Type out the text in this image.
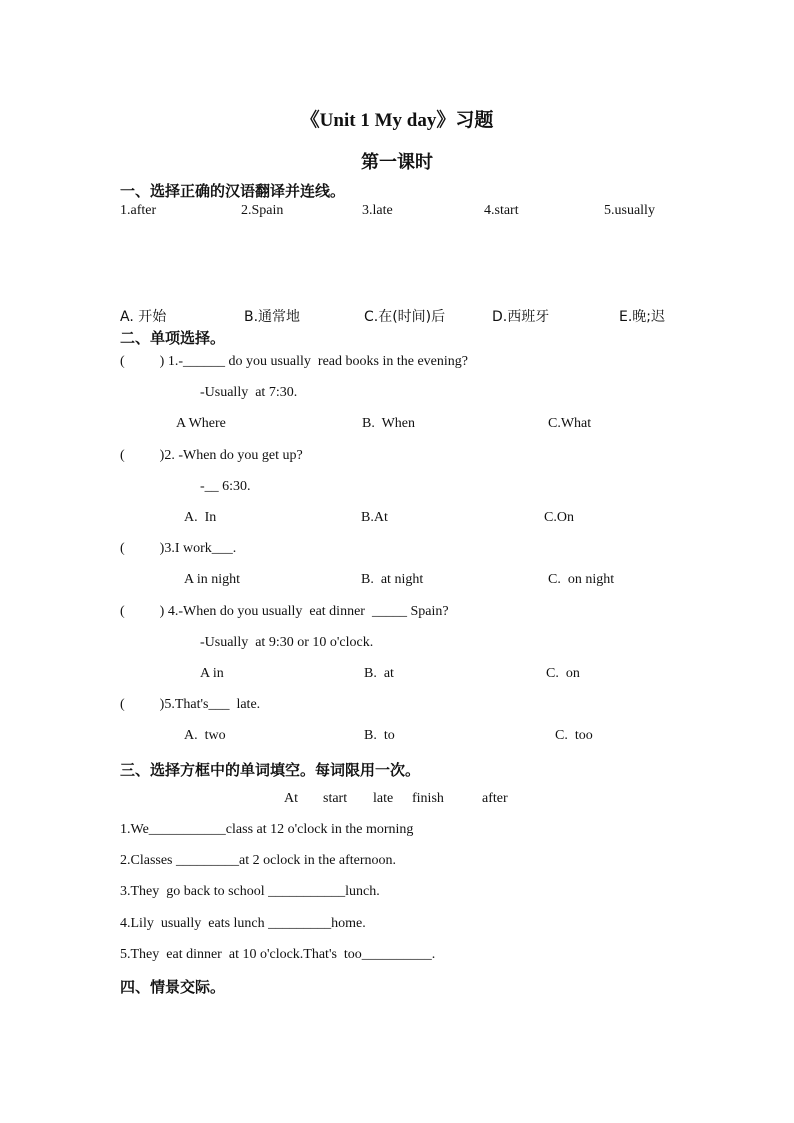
《Unit 1 My day》习题
第一课时
一、选择正确的汉语翻译并连线。
1.after	2.Spain	3.late	4.start	5.usually
A. 开始	B.通常地	C.在(时间)后	D.西班牙	E.晚;迟
二、单项选择。
(          ) 1.-______ do you usually  read books in the evening?
-Usually  at 7:30.
A Where	B.  When	C.What
(          )2. -When do you get up?
-__ 6:30.
A.  In	B.At	C.On
(          )3.I work___.
A in night	B.  at night	C.  on night
(          ) 4.-When do you usually  eat dinner  _____ Spain?
-Usually  at 9:30 or 10 o'clock.
A in	B.  at	C.  on
(          )5.That's___  late.
A.  two	B.  to	C.  too
三、选择方框中的单词填空。每词限用一次。
At start late finish	after
1.We___________class at 12 o'clock in the morning
2.Classes _________at 2 oclock in the afternoon.
3.They  go back to school ___________lunch.
4.Lily  usually  eats lunch _________home.
5.They  eat dinner  at 10 o'clock.That's  too__________.
四、情景交际。
